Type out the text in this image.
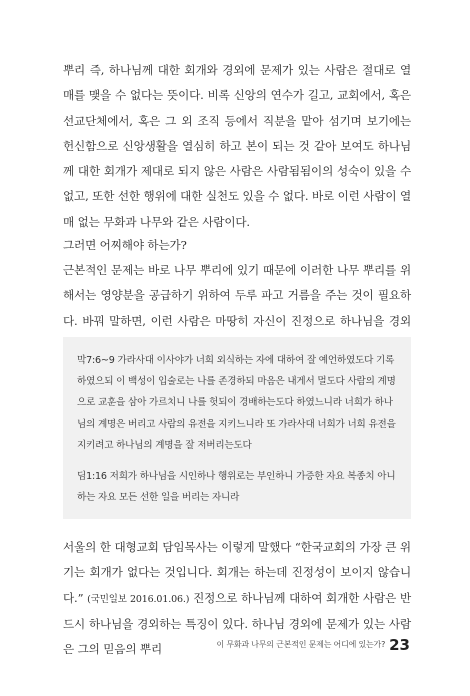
뿌리 즉, 하나님께 대한 회개와 경외에 문제가 있는 사람은 절대로 열매를 맺을 수 없다는 뜻이다. 비록 신앙의 연수가 길고, 교회에서, 혹은 선교단체에서, 혹은 그 외 조직 등에서 직분을 맡아 섬기며 보기에는 헌신함으로 신앙생활을 열심히 하고 본이 되는 것 같아 보여도 하나님께 대한 회개가 제대로 되지 않은 사람은 사람됨됨이의 성숙이 있을 수 없고, 또한 선한 행위에 대한 실천도 있을 수 없다. 바로 이런 사람이 열매 없는 무화과 나무와 같은 사람이다.

그러면 어찌해야 하는가?

근본적인 문제는 바로 나무 뿌리에 있기 때문에 이러한 나무 뿌리를 위해서는 영양분을 공급하기 위하여 두루 파고 거름을 주는 것이 필요하다. 바꿔 말하면, 이런 사람은 마땅히 자신이 진정으로 하나님을 경외

막7:6~9 가라사대 이사야가 너희 외식하는 자에 대하여 잘 예언하였도다 기록하였으되 이 백성이 입술로는 나를 존경하되 마음은 내게서 멀도다 사람의 계명으로 교훈을 삼아 가르치니 나를 헛되이 경배하는도다 하였느니라 너희가 하나님의 계명은 버리고 사람의 유전을 지키느니라 또 가라사대 너희가 너희 유전을 지키려고 하나님의 계명을 잘 저버리는도다

딤1:16 저희가 하나님을 시인하나 행위로는 부인하니 가증한 자요 복종치 아니하는 자요 모든 선한 일을 버리는 자니라

서울의 한 대형교회 담임목사는 이렇게 말했다 “한국교회의 가장 큰 위기는 회개가 없다는 것입니다. 회개는 하는데 진정성이 보이지 않습니다.” (국민일보 2016.01.06.) 진정으로 하나님께 대하여 회개한 사람은 반드시 하나님을 경외하는 특징이 있다. 하나님 경외에 문제가 있는 사람은 그의 믿음의 뿌리	이 무화과 나무의 근본적인 문제는 어디에 있는가? 23
